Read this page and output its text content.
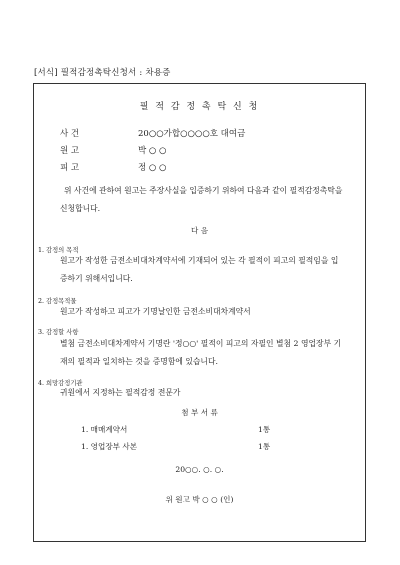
[서식] 필적감정촉탁신청서 : 차용증
필 적 감 정 촉 탁 신 청
사 건	20○○가합○○○○호 대여금
원 고	박 ○ ○
피 고	정 ○ ○
위 사건에 관하여 원고는 주장사실을 입증하기 위하여 다음과 같이 필적감정촉탁을 신청합니다.
다 음
1. 감정의 목적
원고가 작성한 금전소비대차계약서에 기재되어 있는 각 필적이 피고의 필적임을 입증하기 위해서입니다.
2. 감정목적물
원고가 작성하고 피고가 기명날인한 금전소비대차계약서
3. 감정할 사항
별첨 금전소비대차계약서 기명란 '정○○' 필적이 피고의 자필인 별첨 2 영업장부 기재의 필적과 일치하는 것을 증명함에 있습니다.
4. 희망감정기관
귀원에서 지정하는 필적감정 전문가
첨 부 서 류
1. 매매계약서	1통
1. 영업장부 사본	1통
20○○. ○. ○.
위 원고 박 ○ ○ (인)
